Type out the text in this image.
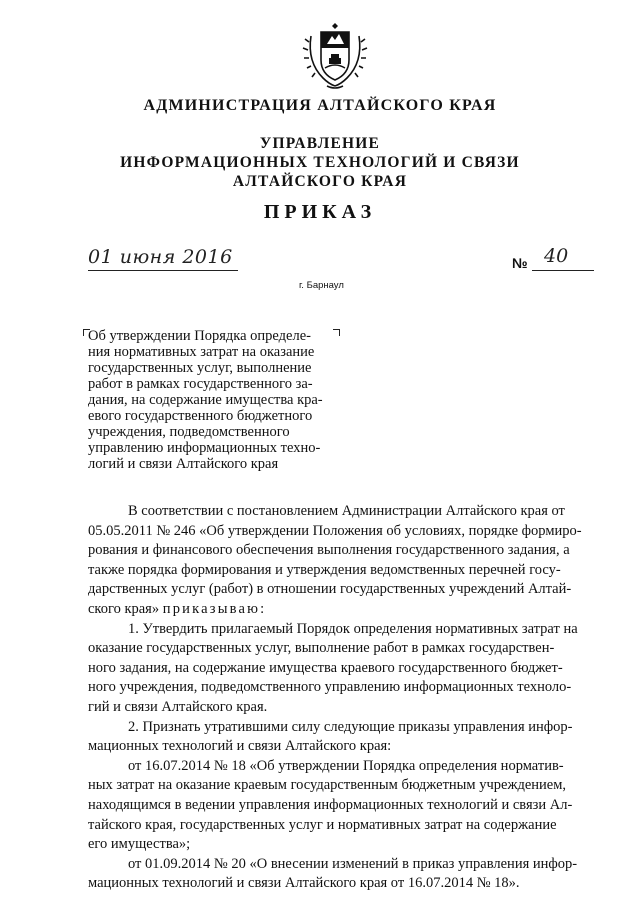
АДМИНИСТРАЦИЯ АЛТАЙСКОГО КРАЯ
УПРАВЛЕНИЕ
ИНФОРМАЦИОННЫХ ТЕХНОЛОГИЙ И СВЯЗИ
АЛТАЙСКОГО КРАЯ
ПРИКАЗ
01 июня 2016	№ 40
г. Барнаул
Об утверждении Порядка определе-
ния нормативных затрат на оказание
государственных услуг, выполнение
работ в рамках государственного за-
дания, на содержание имущества кра-
евого государственного бюджетного
учреждения, подведомственного
управлению информационных техно-
логий и связи Алтайского края
В соответствии с постановлением Администрации Алтайского края от
05.05.2011 № 246 «Об утверждении Положения об условиях, порядке формиро-
рования и финансового обеспечения выполнения государственного задания, а
также порядка формирования и утверждения ведомственных перечней госу-
дарственных услуг (работ) в отношении государственных учреждений Алтай-
ского края» приказываю:
1. Утвердить прилагаемый Порядок определения нормативных затрат на
оказание государственных услуг, выполнение работ в рамках государствен-
ного задания, на содержание имущества краевого государственного бюджет-
ного учреждения, подведомственного управлению информационных техноло-
гий и связи Алтайского края.
2. Признать утратившими силу следующие приказы управления инфор-
мационных технологий и связи Алтайского края:
от 16.07.2014 № 18 «Об утверждении Порядка определения норматив-
ных затрат на оказание краевым государственным бюджетным учреждением,
находящимся в ведении управления информационных технологий и связи Ал-
тайского края, государственных услуг и нормативных затрат на содержание
его имущества»;
от 01.09.2014 № 20 «О внесении изменений в приказ управления инфор-
мационных технологий и связи Алтайского края от 16.07.2014 № 18».
